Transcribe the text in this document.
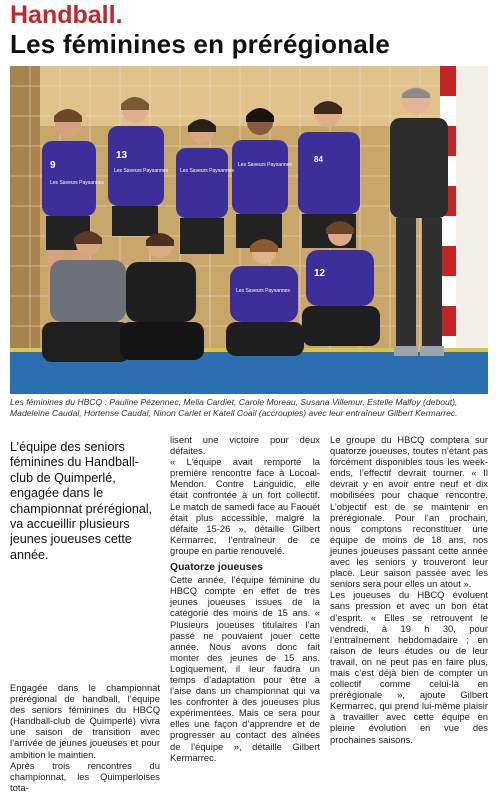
Handball.
Les féminines en prérégionale
9
13	84
12
Les Saveurs Paysannes
Les Saveurs Paysannes Les Saveurs Paysannes
Les Saveurs Paysannes
Les Saveurs Paysannes
Les féminines du HBCQ : Pauline Pézennec, Melia Cardiet, Carole Moreau, Susana Villemur, Estelle Malfoy (debout), Madeleine Caudal, Hortense Caudal, Ninon Carlet et Katell Coail (accroupies) avec leur entraîneur Gilbert Kermarrec.
L’équipe des seniors féminines du Handball-club de Quimperlé, engagée dans le championnat prérégional, va accueillir plusieurs jeunes joueuses cette année.

Engagée dans le championnat prérégional de handball, l’équipe des seniors féminines du HBCQ (Handball-club de Quimperlé) vivra une saison de transition avec l’arrivée de jeunes joueuses et pour ambition le maintien.

Après trois rencontres du championnat, les Quimperloises tota-

lisent une victoire pour deux défaites.

« L’équipe avait remporté la première rencontre face à Locoal-Mendon. Contre Languidic, elle était confrontée à un fort collectif. Le match de samedi face au Faouët était plus accessible, malgré la défaite 15-26 », détaille Gilbert Kermarrec, l’entraîneur de ce groupe en partie renouvelé.

Quatorze joueuses

Cette année, l’équipe féminine du HBCQ compte en effet de très jeunes joueuses issues de la catégorie des moins de 15 ans. « Plusieurs joueuses titulaires l’an passé ne pouvaient jouer cette année. Nous avons donc fait monter des jeunes de 15 ans. Logiquement, il leur faudra un temps d’adaptation pour être à l’aise dans un championnat qui va les confronter à des joueuses plus expérimentées. Mais ce sera pour elles une façon d’apprendre et de progresser au contact des aînées de l’équipe », détaille Gilbert Kermarrec.

Le groupe du HBCQ comptera sur quatorze joueuses, toutes n’étant pas forcément disponibles tous les week-ends, l’effectif devrait tourner. « Il devrait y en avoir entre neuf et dix mobilisées pour chaque rencontre. L’objectif est de se maintenir en prérégionale. Pour l’an prochain, nous comptons reconstituer une équipe de moins de 18 ans, nos jeunes joueuses passant cette année avec les seniors y trouveront leur place. Leur saison passée avec les seniors sera pour elles un atout ».

Les joueuses du HBCQ évoluent sans pression et avec un bon état d’esprit. « Elles se retrouvent le vendredi, à 19 h 30, pour l’entraînement hebdomadaire ; en raison de leurs études ou de leur travail, on ne peut pas en faire plus, mais c’est déjà bien de compter un collectif comme celui-là en prérégionale », ajoute Gilbert Kermarrec, qui prend lui-même plaisir à travailler avec cette équipe en pleine évolution en vue des prochaines saisons.
